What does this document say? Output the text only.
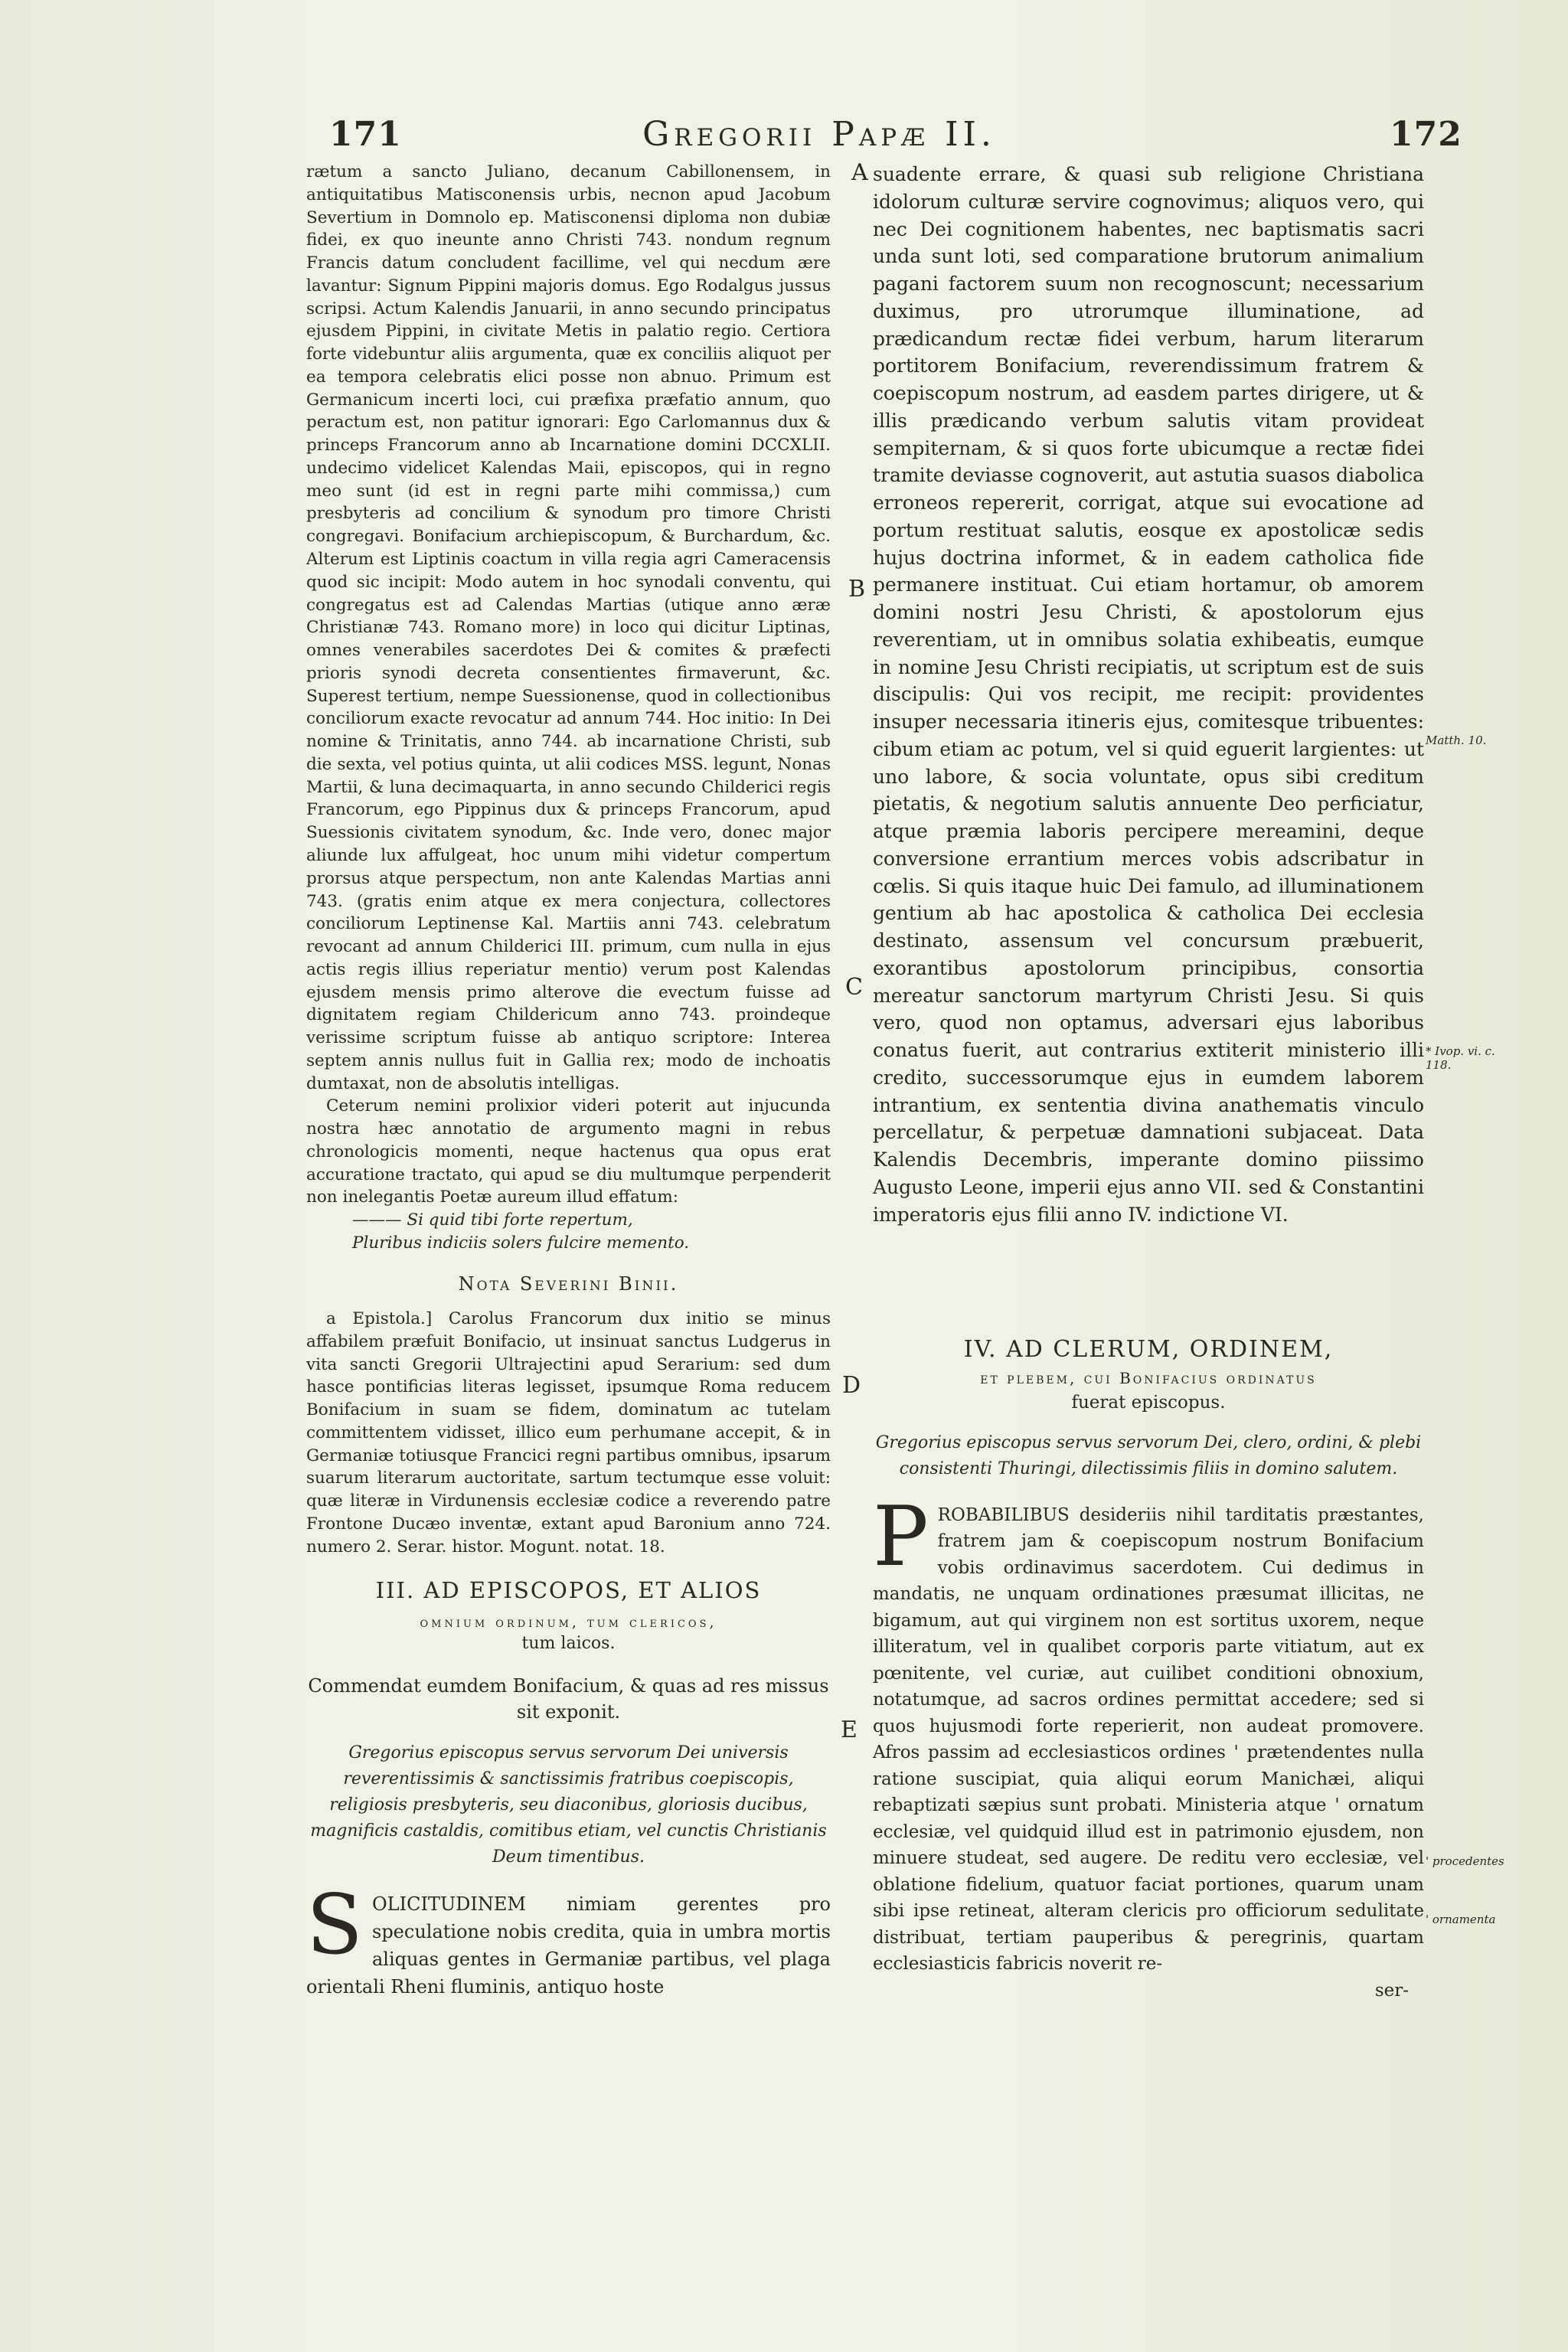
171	Gregorii Papæ II.	172

rætum a sancto Juliano, decanum Cabillonensem, in antiquitatibus Matisconensis urbis, necnon apud Jacobum Severtium in Domnolo ep. Matisconensi diploma non dubiæ fidei, ex quo ineunte anno Christi 743. nondum regnum Francis datum concludent facillime, vel qui necdum ære lavantur: Signum Pippini majoris domus. Ego Rodalgus jussus scripsi. Actum Kalendis Januarii, in anno secundo principatus ejusdem Pippini, in civitate Metis in palatio regio. Certiora forte videbuntur aliis argumenta, quæ ex conciliis aliquot per ea tempora celebratis elici posse non abnuo. Primum est Germanicum incerti loci, cui præfixa præfatio annum, quo peractum est, non patitur ignorari: Ego Carlomannus dux & princeps Francorum anno ab Incarnatione domini DCCXLII. undecimo videlicet Kalendas Maii, episcopos, qui in regno meo sunt (id est in regni parte mihi commissa,) cum presbyteris ad concilium & synodum pro timore Christi congregavi. Bonifacium archiepiscopum, & Burchardum, &c. Alterum est Liptinis coactum in villa regia agri Cameracensis quod sic incipit: Modo autem in hoc synodali conventu, qui congregatus est ad Calendas Martias (utique anno æræ Christianæ 743. Romano more) in loco qui dicitur Liptinas, omnes venerabiles sacerdotes Dei & comites & præfecti prioris synodi decreta consentientes firmaverunt, &c. Superest tertium, nempe Suessionense, quod in collectionibus conciliorum exacte revocatur ad annum 744. Hoc initio: In Dei nomine & Trinitatis, anno 744. ab incarnatione Christi, sub die sexta, vel potius quinta, ut alii codices MSS. legunt, Nonas Martii, & luna decimaquarta, in anno secundo Childerici regis Francorum, ego Pippinus dux & princeps Francorum, apud Suessionis civitatem synodum, &c. Inde vero, donec major aliunde lux affulgeat, hoc unum mihi videtur compertum prorsus atque perspectum, non ante Kalendas Martias anni 743. (gratis enim atque ex mera conjectura, collectores conciliorum Leptinense Kal. Martiis anni 743. celebratum revocant ad annum Childerici III. primum, cum nulla in ejus actis regis illius reperiatur mentio) verum post Kalendas ejusdem mensis primo alterove die evectum fuisse ad dignitatem regiam Childericum anno 743. proindeque verissime scriptum fuisse ab antiquo scriptore: Interea septem annis nullus fuit in Gallia rex; modo de inchoatis dumtaxat, non de absolutis intelligas.

Ceterum nemini prolixior videri poterit aut injucunda nostra hæc annotatio de argumento magni in rebus chronologicis momenti, neque hactenus qua opus erat accuratione tractato, qui apud se diu multumque perpenderit non inelegantis Poetæ aureum illud effatum:

——— Si quid tibi forte repertum,

Pluribus indiciis solers fulcire memento.

Nota Severini Binii.

a Epistola.] Carolus Francorum dux initio se minus affabilem præfuit Bonifacio, ut insinuat sanctus Ludgerus in vita sancti Gregorii Ultrajectini apud Serarium: sed dum hasce pontificias literas legisset, ipsumque Roma reducem Bonifacium in suam se fidem, dominatum ac tutelam committentem vidisset, illico eum perhumane accepit, & in Germaniæ totiusque Francici regni partibus omnibus, ipsarum suarum literarum auctoritate, sartum tectumque esse voluit: quæ literæ in Virdunensis ecclesiæ codice a reverendo patre Frontone Ducæo inventæ, extant apud Baronium anno 724. numero 2. Serar. histor. Mogunt. notat. 18.

III. AD EPISCOPOS, ET ALIOS
omnium ordinum, tum clericos,
tum laicos.
Commendat eumdem Bonifacium, & quas ad res missus sit exponit.
Gregorius episcopus servus servorum Dei universis reverentissimis & sanctissimis fratribus coepiscopis, religiosis presbyteris, seu diaconibus, gloriosis ducibus, magnificis castaldis, comitibus etiam, vel cunctis Christianis Deum timentibus.

S OLICITUDINEM nimiam gerentes pro speculatione nobis credita, quia in umbra mortis aliquas gentes in Germaniæ partibus, vel plaga orientali Rheni fluminis, antiquo hoste

suadente errare, & quasi sub religione Christiana idolorum culturæ servire cognovimus; aliquos vero, qui nec Dei cognitionem habentes, nec baptismatis sacri unda sunt loti, sed comparatione brutorum animalium pagani factorem suum non recognoscunt; necessarium duximus, pro utrorumque illuminatione, ad prædicandum rectæ fidei verbum, harum literarum portitorem Bonifacium, reverendissimum fratrem & coepiscopum nostrum, ad easdem partes dirigere, ut & illis prædicando verbum salutis vitam provideat sempiternam, & si quos forte ubicumque a rectæ fidei tramite deviasse cognoverit, aut astutia suasos diabolica erroneos repererit, corrigat, atque sui evocatione ad portum restituat salutis, eosque ex apostolicæ sedis hujus doctrina informet, & in eadem catholica fide permanere instituat. Cui etiam hortamur, ob amorem domini nostri Jesu Christi, & apostolorum ejus reverentiam, ut in omnibus solatia exhibeatis, eumque in nomine Jesu Christi recipiatis, ut scriptum est de suis discipulis: Qui vos recipit, me recipit: providentes insuper necessaria itineris ejus, comitesque tribuentes: cibum etiam ac potum, vel si quid eguerit largientes: ut uno labore, & socia voluntate, opus sibi creditum pietatis, & negotium salutis annuente Deo perficiatur, atque præmia laboris percipere mereamini, deque conversione errantium merces vobis adscribatur in cœlis. Si quis itaque huic Dei famulo, ad illuminationem gentium ab hac apostolica & catholica Dei ecclesia destinato, assensum vel concursum præbuerit, exorantibus apostolorum principibus, consortia mereatur sanctorum martyrum Christi Jesu. Si quis vero, quod non optamus, adversari ejus laboribus conatus fuerit, aut contrarius extiterit ministerio illi credito, successorumque ejus in eumdem laborem intrantium, ex sententia divina anathematis vinculo percellatur, & perpetuæ damnationi subjaceat. Data Kalendis Decembris, imperante domino piissimo Augusto Leone, imperii ejus anno VII. sed & Constantini imperatoris ejus filii anno IV. indictione VI.

IV. AD CLERUM, ORDINEM,
et plebem, cui Bonifacius ordinatus
fuerat episcopus.
Gregorius episcopus servus servorum Dei, clero, ordini, & plebi consistenti Thuringi, dilectissimis filiis in domino salutem.

P ROBABILIBUS desideriis nihil tarditatis præstantes, fratrem jam & coepiscopum nostrum Bonifacium vobis ordinavimus sacerdotem. Cui dedimus in mandatis, ne unquam ordinationes præsumat illicitas, ne bigamum, aut qui virginem non est sortitus uxorem, neque illiteratum, vel in qualibet corporis parte vitiatum, aut ex pœnitente, vel curiæ, aut cuilibet conditioni obnoxium, notatumque, ad sacros ordines permittat accedere; sed si quos hujusmodi forte reperierit, non audeat promovere. Afros passim ad ecclesiasticos ordines ' prætendentes nulla ratione suscipiat, quia aliqui eorum Manichæi, aliqui rebaptizati sæpius sunt probati. Ministeria atque ' ornatum ecclesiæ, vel quidquid illud est in patrimonio ejusdem, non minuere studeat, sed augere. De reditu vero ecclesiæ, vel oblatione fidelium, quatuor faciat portiones, quarum unam sibi ipse retineat, alteram clericis pro officiorum sedulitate distribuat, tertiam pauperibus & peregrinis, quartam ecclesiasticis fabricis noverit re-

ser-

A
B
C
D
E
Matth. 10.
* Ivop. vi. c. 118.
' procedentes
' ornamenta
